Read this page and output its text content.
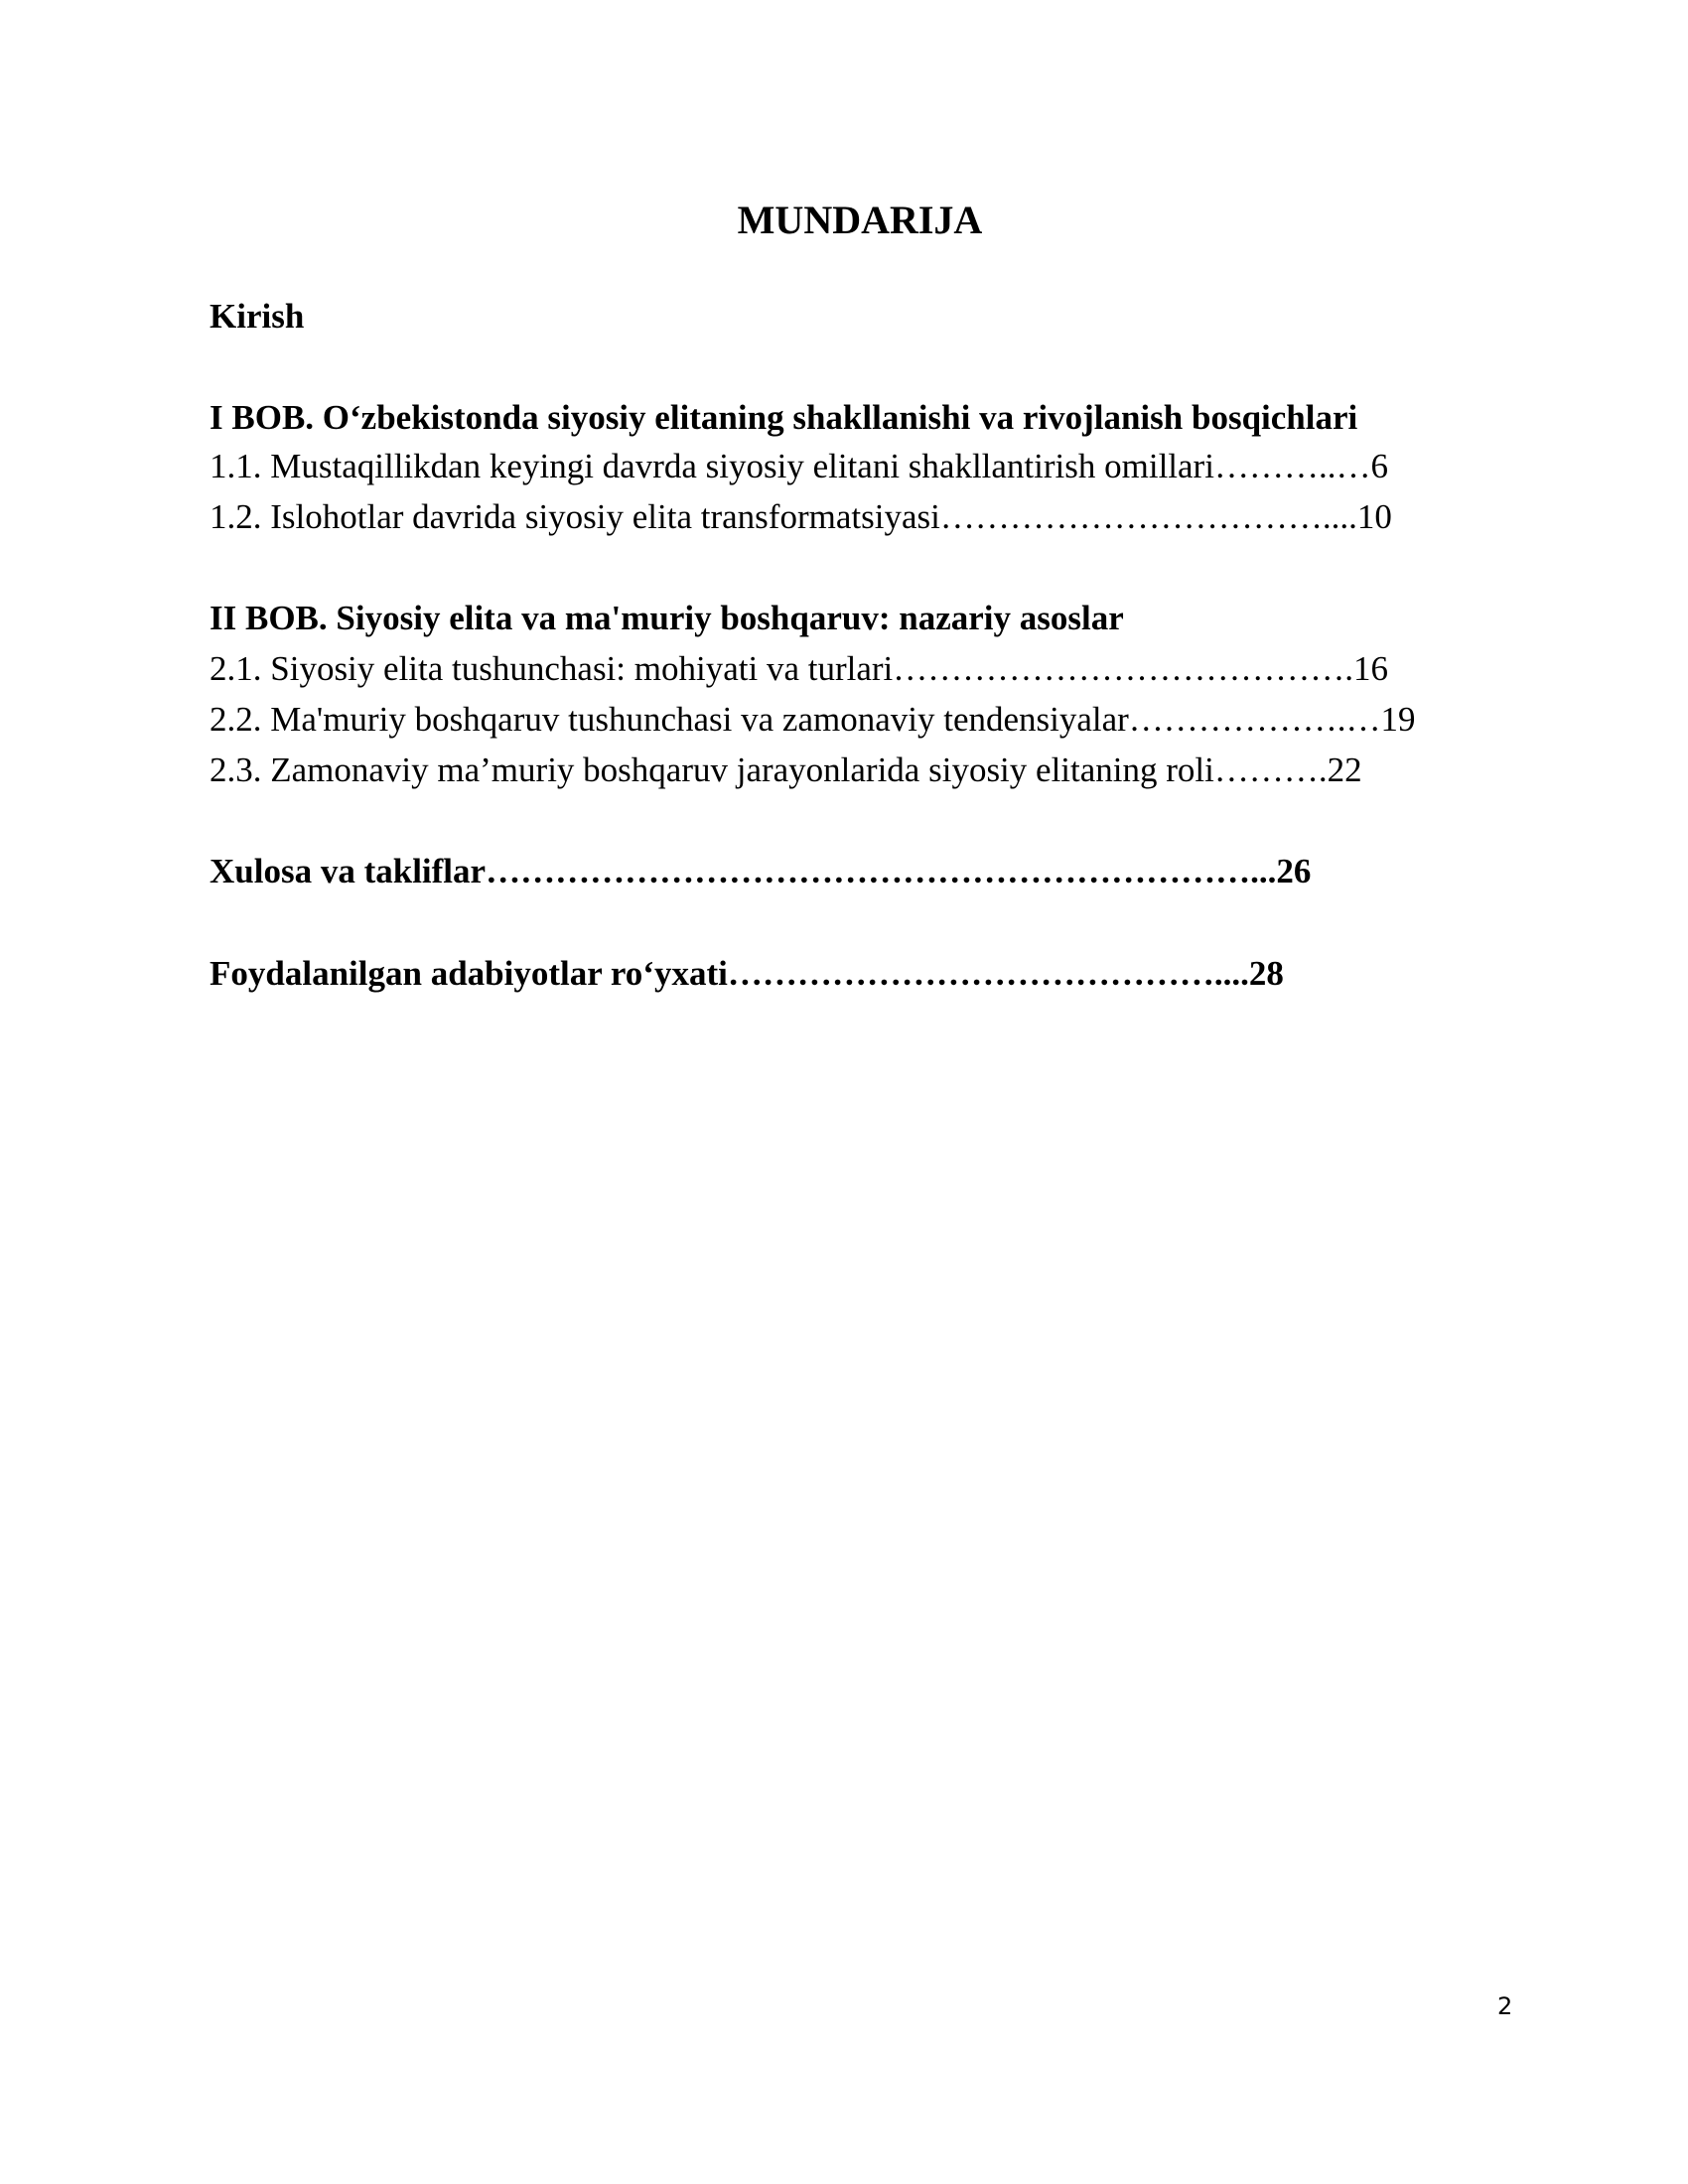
MUNDARIJA

Kirish

I BOB. O‘zbekistonda siyosiy elitaning shakllanishi va rivojlanish bosqichlari

1.1. Mustaqillikdan keyingi davrda siyosiy elitani shakllantirish omillari………..…6

1.2. Islohotlar davrida siyosiy elita transformatsiyasi……………………………....10

II BOB. Siyosiy elita va ma'muriy boshqaruv: nazariy asoslar

2.1. Siyosiy elita tushunchasi: mohiyati va turlari………………………………….16

2.2. Ma'muriy boshqaruv tushunchasi va zamonaviy tendensiyalar……………….…19

2.3. Zamonaviy ma’muriy boshqaruv jarayonlarida siyosiy elitaning roli……….22

Xulosa va takliflar…………………………………………………………...26

Foydalanilgan adabiyotlar ro‘yxati……………………………………....28

2
